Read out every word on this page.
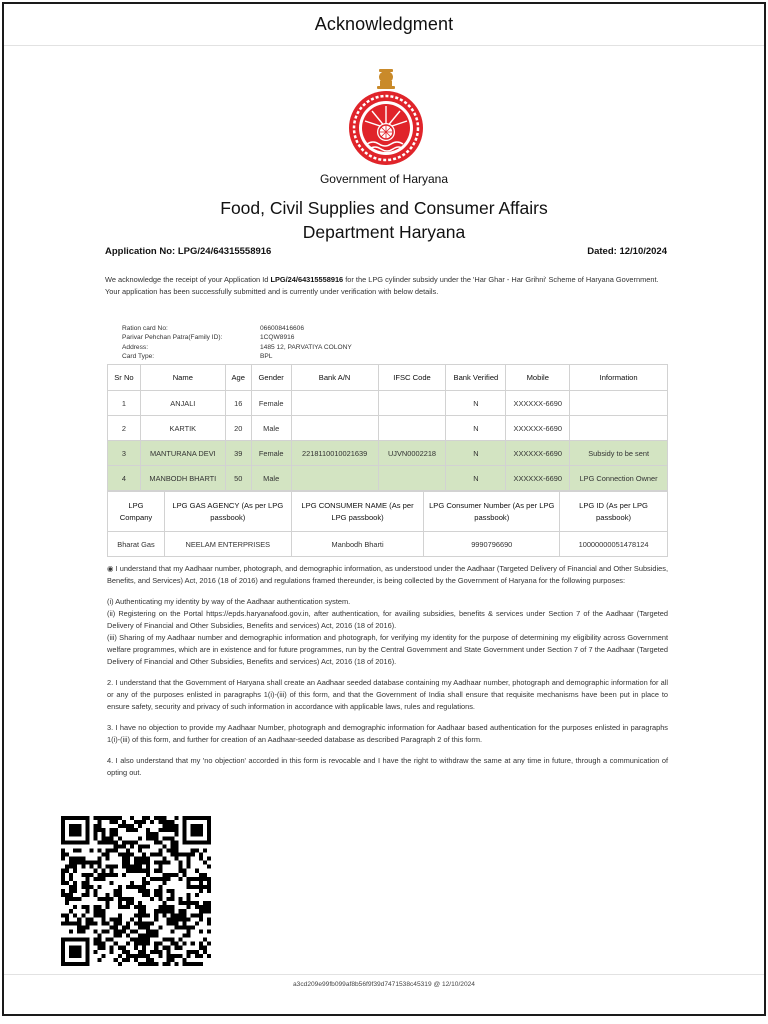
Acknowledgment
Government of Haryana
Food, Civil Supplies and Consumer Affairs
Department Haryana
Application No: LPG/24/64315558916	Dated: 12/10/2024
We acknowledge the receipt of your Application Id LPG/24/64315558916 for the LPG cylinder subsidy under the 'Har Ghar - Har Grihni' Scheme of Haryana Government. Your application has been successfully submitted and is currently under verification with below details.
Ration card No:	066008416606
Parivar Pehchan Patra(Family ID):	1CQW8916
Address:	1485 12, PARVATIYA COLONY
Card Type:	BPL
Sr No	Name	Age	Gender	Bank A/N	IFSC Code	Bank Verified	Mobile	Information
1	ANJALI	16	Female			N	XXXXXX-6690	
2	KARTIK	20	Male			N	XXXXXX-6690	
3	MANTURANA DEVI	39	Female	2218110010021639	UJVN0002218	N	XXXXXX-6690	Subsidy to be sent
4	MANBODH BHARTI	50	Male			N	XXXXXX-6690	LPG Connection Owner
LPG Company	LPG GAS AGENCY (As per LPG passbook)	LPG CONSUMER NAME (As per LPG passbook)	LPG Consumer Number (As per LPG passbook)	LPG ID (As per LPG passbook)
Bharat Gas	NEELAM ENTERPRISES	Manbodh Bharti	9990796690	10000000051478124

◉ I understand that my Aadhaar number, photograph, and demographic information, as understood under the Aadhaar (Targeted Delivery of Financial and Other Subsidies, Benefits, and Services) Act, 2016 (18 of 2016) and regulations framed thereunder, is being collected by the Government of Haryana for the following purposes:

(i) Authenticating my identity by way of the Aadhaar authentication system.

(ii) Registering on the Portal https://epds.haryanafood.gov.in, after authentication, for availing subsidies, benefits & services under Section 7 of the Aadhaar (Targeted Delivery of Financial and Other Subsidies, Benefits and services) Act, 2016 (18 of 2016).

(iii) Sharing of my Aadhaar number and demographic information and photograph, for verifying my identity for the purpose of determining my eligibility across Government welfare programmes, which are in existence and for future programmes, run by the Central Government and State Government under Section 7 of 7 the Aadhaar (Targeted Delivery of Financial and Other Subsidies, Benefits and services) Act, 2016 (18 of 2016).

2. I understand that the Government of Haryana shall create an Aadhaar seeded database containing my Aadhaar number, photograph and demographic information for all or any of the purposes enlisted in paragraphs 1(i)-(iii) of this form, and that the Government of India shall ensure that requisite mechanisms have been put in place to ensure safety, security and privacy of such information in accordance with applicable laws, rules and regulations.

3. I have no objection to provide my Aadhaar Number, photograph and demographic information for Aadhaar based authentication for the purposes enlisted in paragraphs 1(i)-(iii) of this form, and further for creation of an Aadhaar-seeded database as described Paragraph 2 of this form.

4. I also understand that my 'no objection' accorded in this form is revocable and I have the right to withdraw the same at any time in future, through a communication of opting out.

a3cd209e99fb099af8b56f9f39d7471538c45319 @ 12/10/2024
